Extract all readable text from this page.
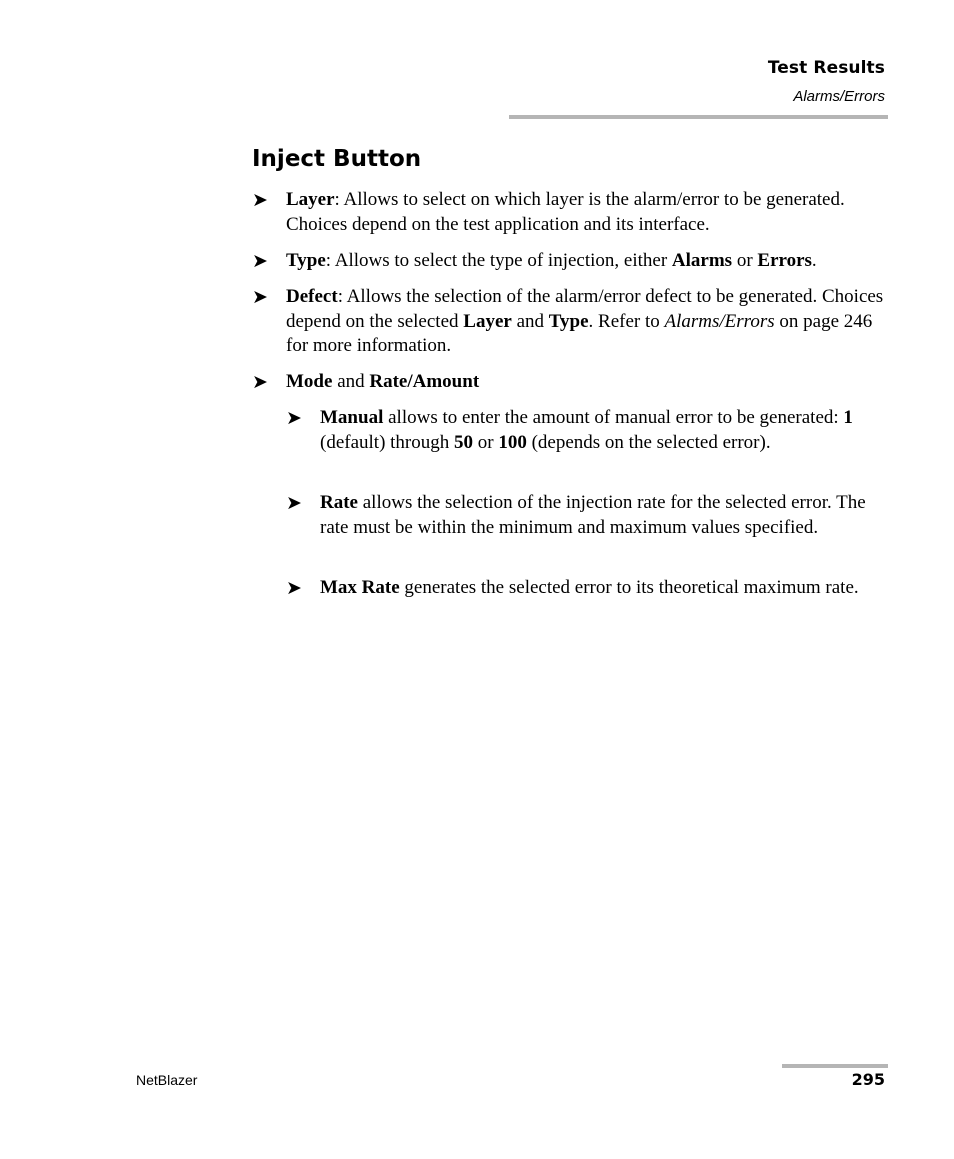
Test Results
Alarms/Errors
Inject Button
➤ Layer: Allows to select on which layer is the alarm/error to be generated. Choices depend on the test application and its interface.
➤ Type: Allows to select the type of injection, either Alarms or Errors.
➤ Defect: Allows the selection of the alarm/error defect to be generated. Choices depend on the selected Layer and Type. Refer to Alarms/Errors on page 246 for more information.
➤ Mode and Rate/Amount
➤ Manual allows to enter the amount of manual error to be generated: 1 (default) through 50 or 100 (depends on the selected error).
➤ Rate allows the selection of the injection rate for the selected error. The rate must be within the minimum and maximum values specified.
➤ Max Rate generates the selected error to its theoretical maximum rate.
NetBlazer	295
